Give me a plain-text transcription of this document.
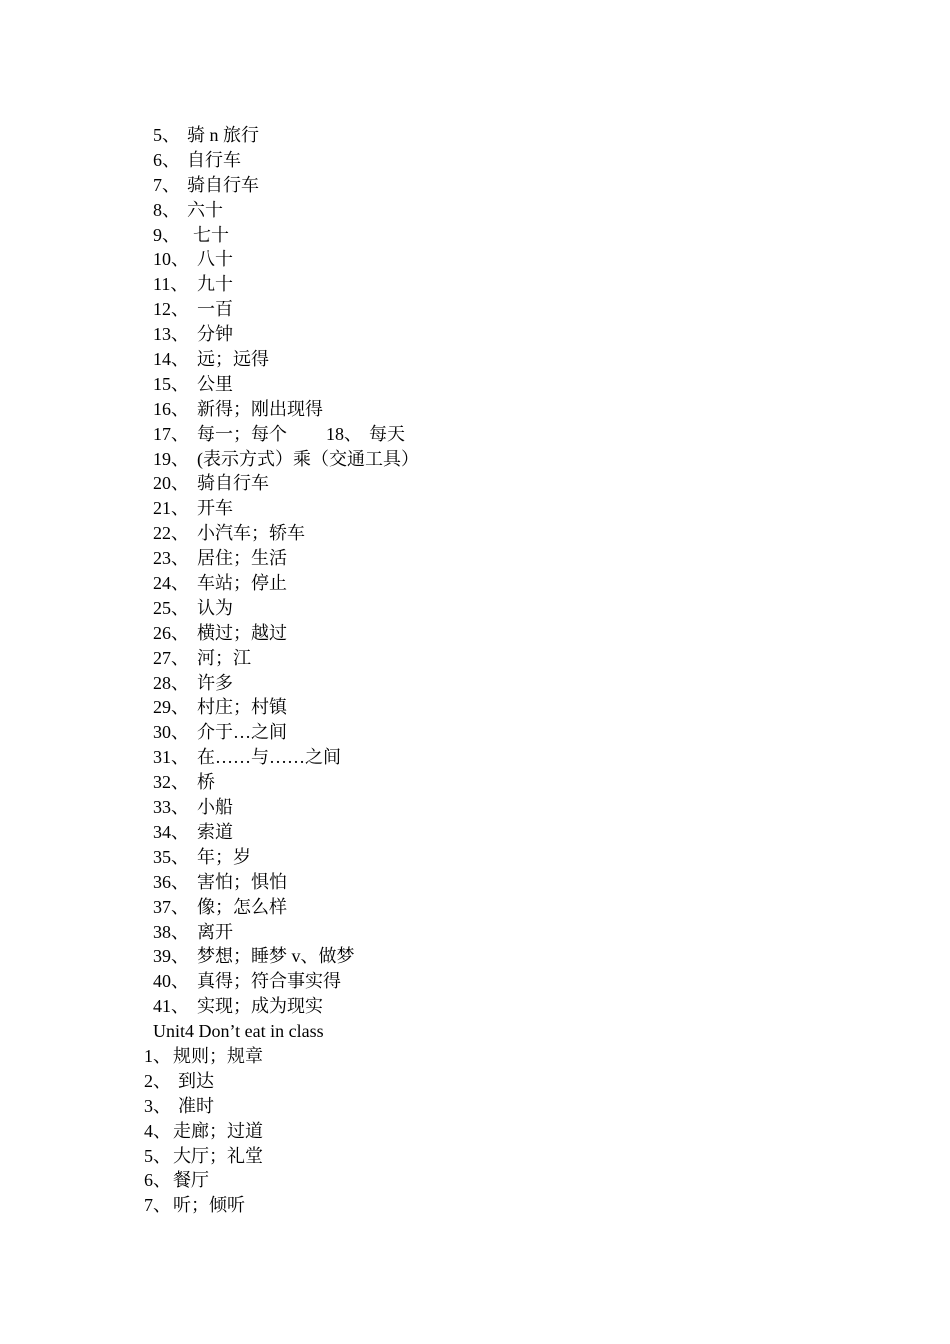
5、 骑 n 旅行
6、 自行车
7、 骑自行车
8、 六十
9、 七十
10、 八十
11、 九十
12、 一百
13、 分钟
14、 远；远得
15、 公里
16、 新得；刚出现得
17、 每一；每个 18、 每天
19、 (表示方式）乘（交通工具）
20、 骑自行车
21、 开车
22、 小汽车；轿车
23、 居住；生活
24、 车站；停止
25、 认为
26、 横过；越过
27、 河；江
28、 许多
29、 村庄；村镇
30、 介于…之间
31、 在……与……之间
32、 桥
33、 小船
34、 索道
35、 年；岁
36、 害怕；惧怕
37、 像；怎么样
38、 离开
39、 梦想；睡梦 v、做梦
40、 真得；符合事实得
41、 实现；成为现实
Unit4 Don’t eat in class
1、 规则；规章
2、 到达
3、 准时
4、 走廊；过道
5、 大厅；礼堂
6、 餐厅
7、 听；倾听
